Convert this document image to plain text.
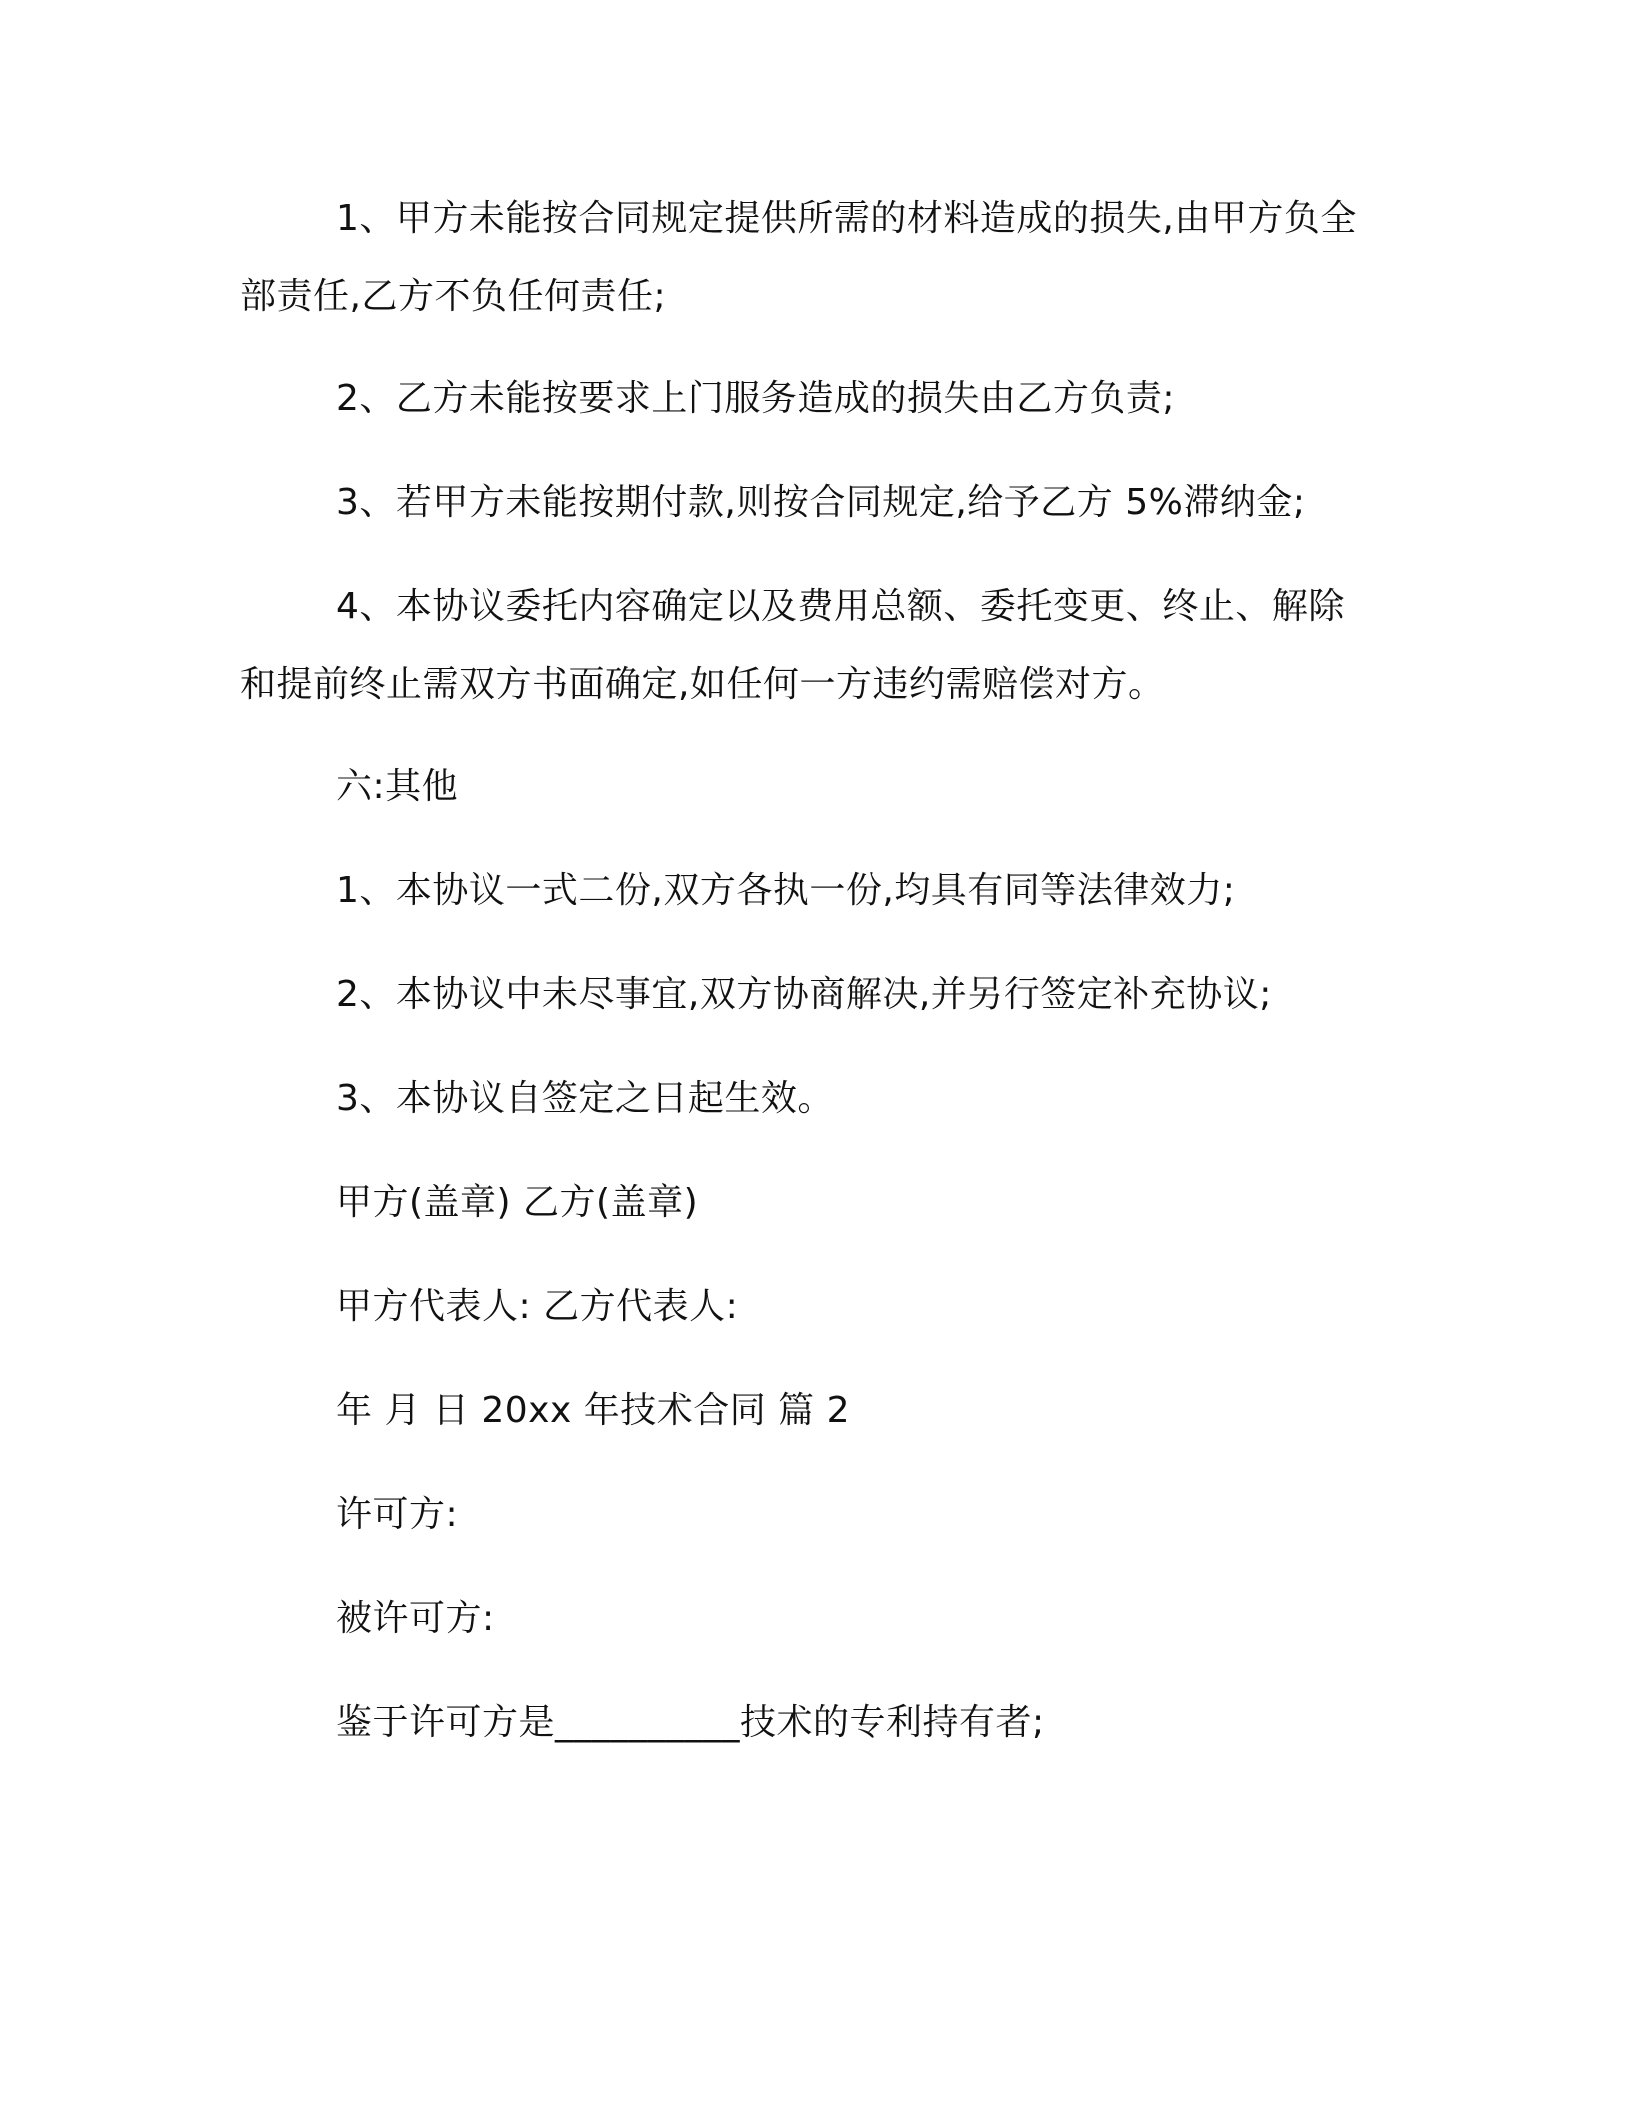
1、甲方未能按合同规定提供所需的材料造成的损失,由甲方负全部责任,乙方不负任何责任;
2、乙方未能按要求上门服务造成的损失由乙方负责;
3、若甲方未能按期付款,则按合同规定,给予乙方 5%滞纳金;
4、本协议委托内容确定以及费用总额、委托变更、终止、解除和提前终止需双方书面确定,如任何一方违约需赔偿对方。
六:其他
1、本协议一式二份,双方各执一份,均具有同等法律效力;
2、本协议中未尽事宜,双方协商解决,并另行签定补充协议;
3、本协议自签定之日起生效。
甲方(盖章) 乙方(盖章)
甲方代表人: 乙方代表人:
年 月 日 20xx 年技术合同 篇 2
许可方:
被许可方:
鉴于许可方是__________技术的专利持有者;
